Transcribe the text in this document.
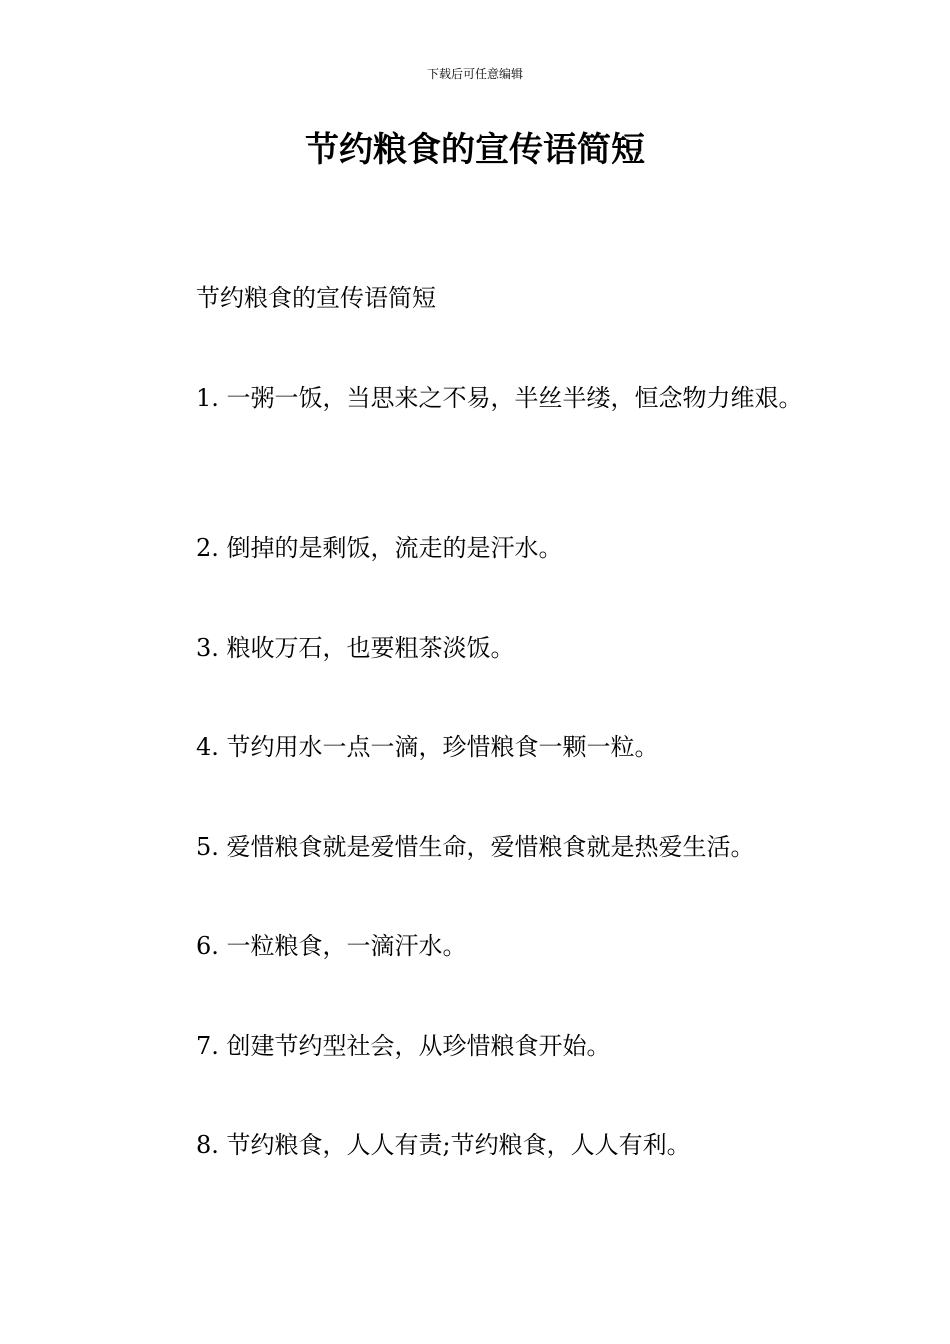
下载后可任意编辑
节约粮食的宣传语简短

节约粮食的宣传语简短

1. 一粥一饭，当思来之不易，半丝半缕，恒念物力维艰。

2. 倒掉的是剩饭，流走的是汗水。

3. 粮收万石，也要粗茶淡饭。

4. 节约用水一点一滴，珍惜粮食一颗一粒。

5. 爱惜粮食就是爱惜生命，爱惜粮食就是热爱生活。

6. 一粒粮食，一滴汗水。

7. 创建节约型社会，从珍惜粮食开始。

8. 节约粮食，人人有责;节约粮食，人人有利。
